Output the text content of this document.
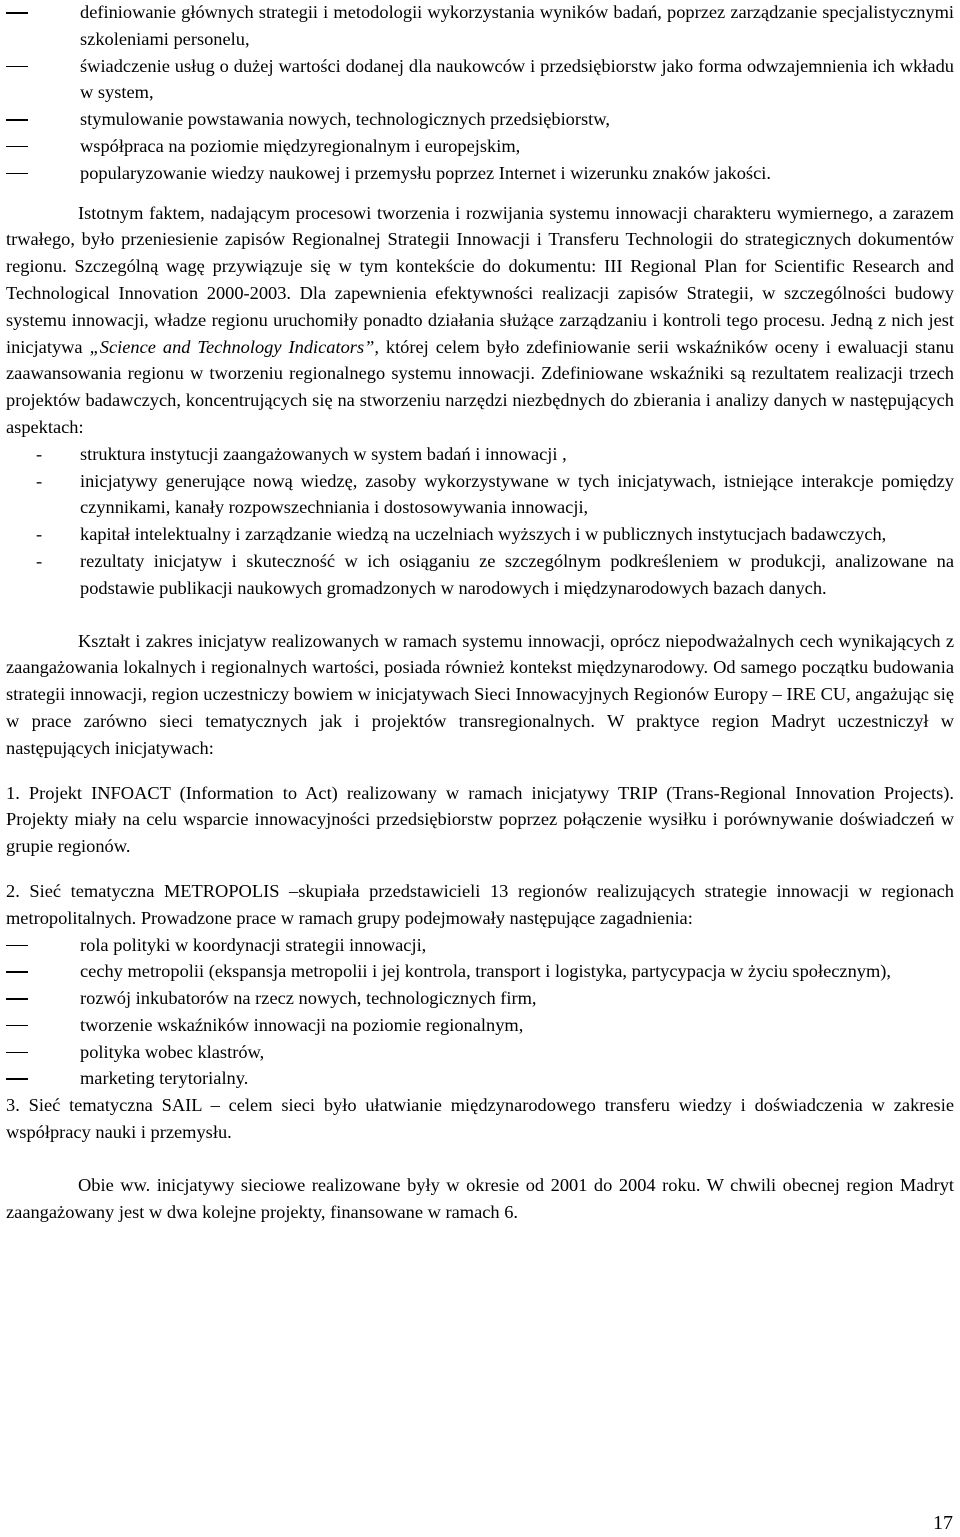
definiowanie głównych strategii i metodologii wykorzystania wyników badań, poprzez zarządzanie specjalistycznymi szkoleniami personelu,
świadczenie usług o dużej wartości dodanej dla naukowców i przedsiębiorstw jako forma odwzajemnienia ich wkładu w system,
stymulowanie powstawania nowych, technologicznych przedsiębiorstw,
współpraca na poziomie międzyregionalnym i europejskim,
popularyzowanie wiedzy naukowej i przemysłu poprzez Internet i wizerunku znaków jakości.

Istotnym faktem, nadającym procesowi tworzenia i rozwijania systemu innowacji charakteru wymiernego, a zarazem trwałego, było przeniesienie zapisów Regionalnej Strategii Innowacji i Transferu Technologii do strategicznych dokumentów regionu. Szczególną wagę przywiązuje się w tym kontekście do dokumentu: III Regional Plan for Scientific Research and Technological Innovation 2000-2003. Dla zapewnienia efektywności realizacji zapisów Strategii, w szczególności budowy systemu innowacji, władze regionu uruchomiły ponadto działania służące zarządzaniu i kontroli tego procesu. Jedną z nich jest inicjatywa „Science and Technology Indicators”, której celem było zdefiniowanie serii wskaźników oceny i ewaluacji stanu zaawansowania regionu w tworzeniu regionalnego systemu innowacji. Zdefiniowane wskaźniki są rezultatem realizacji trzech projektów badawczych, koncentrujących się na stworzeniu narzędzi niezbędnych do zbierania i analizy danych w następujących aspektach:

- struktura instytucji zaangażowanych w system badań i innowacji ,
- inicjatywy generujące nową wiedzę, zasoby wykorzystywane w tych inicjatywach, istniejące interakcje pomiędzy czynnikami, kanały rozpowszechniania i dostosowywania innowacji,
- kapitał intelektualny i zarządzanie wiedzą na uczelniach wyższych i w publicznych instytucjach badawczych,
- rezultaty inicjatyw i skuteczność w ich osiąganiu ze szczególnym podkreśleniem w produkcji, analizowane na podstawie publikacji naukowych gromadzonych w narodowych i międzynarodowych bazach danych.

Kształt i zakres inicjatyw realizowanych w ramach systemu innowacji, oprócz niepodważalnych cech wynikających z zaangażowania lokalnych i regionalnych wartości, posiada również kontekst międzynarodowy. Od samego początku budowania strategii innowacji, region uczestniczy bowiem w inicjatywach Sieci Innowacyjnych Regionów Europy – IRE CU, angażując się w prace zarówno sieci tematycznych jak i projektów transregionalnych. W praktyce region Madryt uczestniczył w następujących inicjatywach:

1. Projekt INFOACT (Information to Act) realizowany w ramach inicjatywy TRIP (Trans-Regional Innovation Projects). Projekty miały na celu wsparcie innowacyjności przedsiębiorstw poprzez połączenie wysiłku i porównywanie doświadczeń w grupie regionów.

2. Sieć tematyczna METROPOLIS –skupiała przedstawicieli 13 regionów realizujących strategie innowacji w regionach metropolitalnych. Prowadzone prace w ramach grupy podejmowały następujące zagadnienia:

rola polityki w koordynacji strategii innowacji,
cechy metropolii (ekspansja metropolii i jej kontrola, transport i logistyka, partycypacja w życiu społecznym),
rozwój inkubatorów na rzecz nowych, technologicznych firm,
tworzenie wskaźników innowacji na poziomie regionalnym,
polityka wobec klastrów,
marketing terytorialny.

3. Sieć tematyczna SAIL – celem sieci było ułatwianie międzynarodowego transferu wiedzy i doświadczenia w zakresie współpracy nauki i przemysłu.

Obie ww. inicjatywy sieciowe realizowane były w okresie od 2001 do 2004 roku. W chwili obecnej region Madryt zaangażowany jest w dwa kolejne projekty, finansowane w ramach 6.

17
